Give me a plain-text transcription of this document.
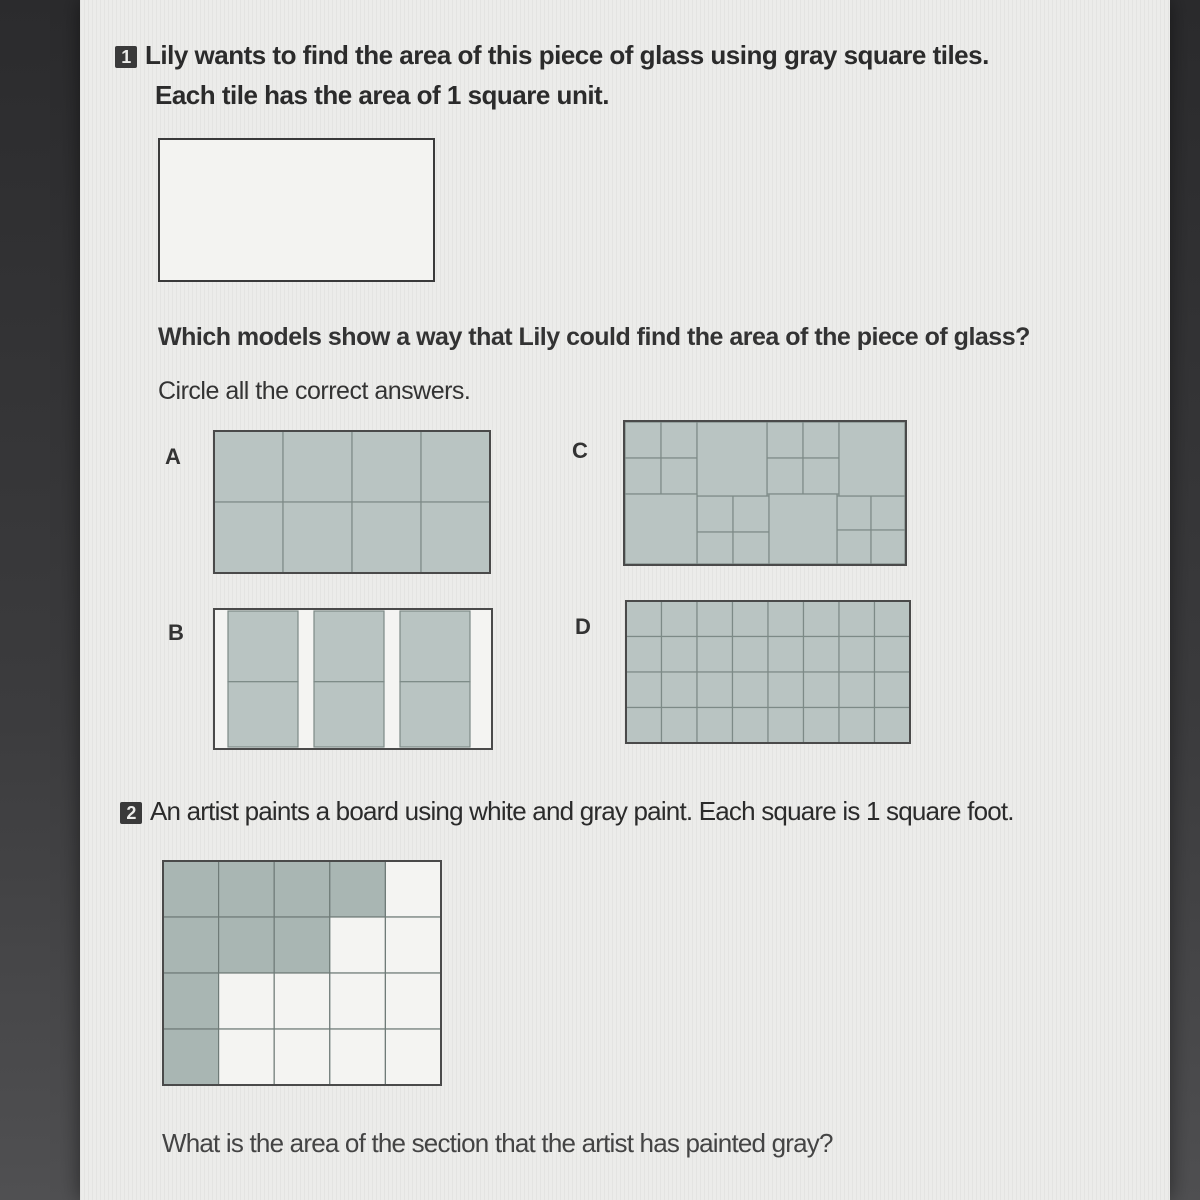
1 Lily wants to find the area of this piece of glass using gray square tiles.
Each tile has the area of 1 square unit.
Which models show a way that Lily could find the area of the piece of glass?
Circle all the correct answers.
A	C
B	D
2 An artist paints a board using white and gray paint. Each square is 1 square foot.
What is the area of the section that the artist has painted gray?
